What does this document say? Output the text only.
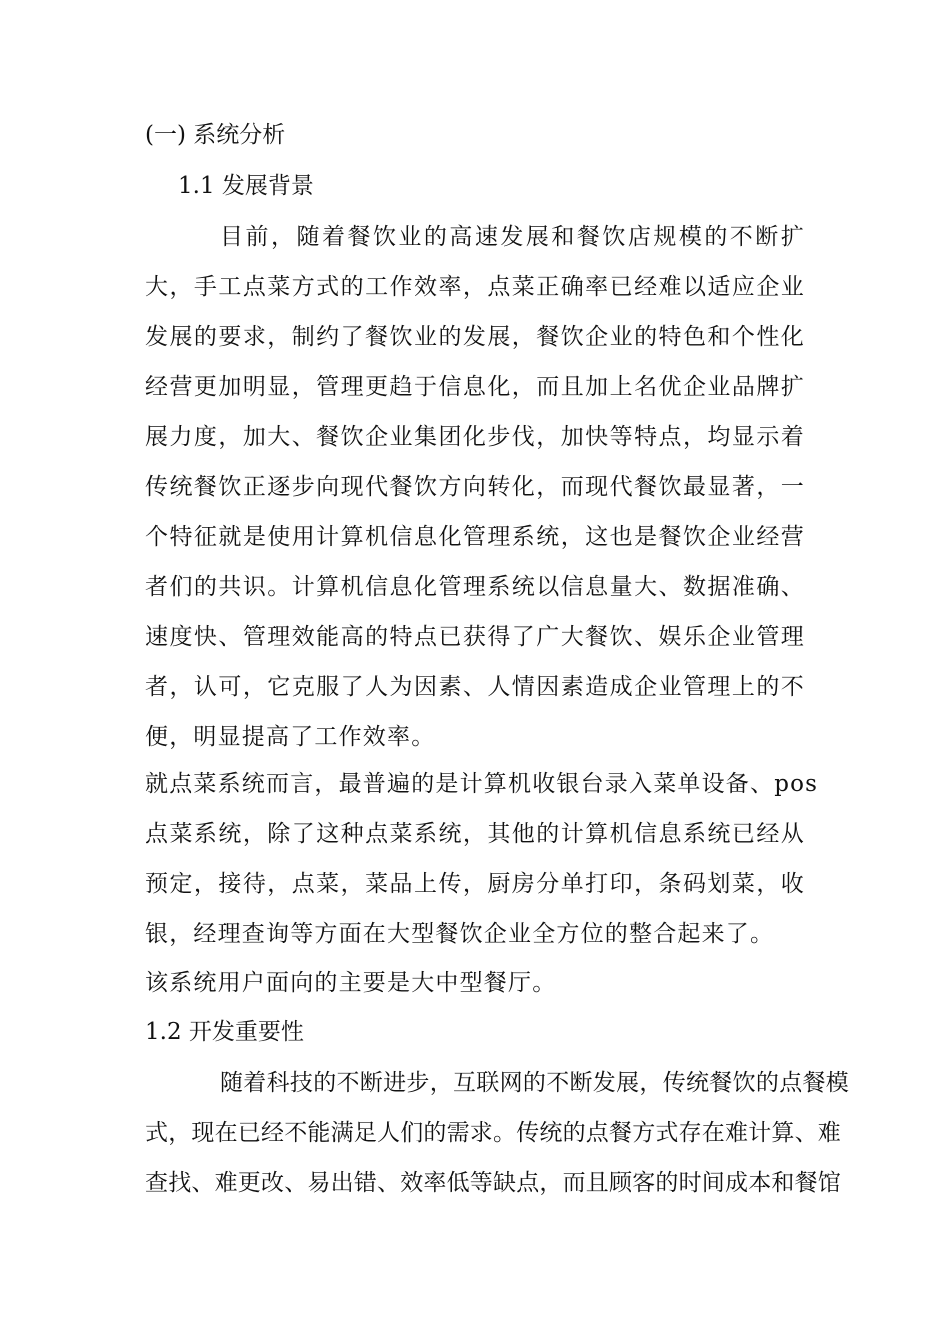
(一) 系统分析
1.1 发展背景
目前，随着餐饮业的高速发展和餐饮店规模的不断扩
大，手工点菜方式的工作效率，点菜正确率已经难以适应企业
发展的要求，制约了餐饮业的发展，餐饮企业的特色和个性化
经营更加明显，管理更趋于信息化，而且加上名优企业品牌扩
展力度，加大、餐饮企业集团化步伐，加快等特点，均显示着
传统餐饮正逐步向现代餐饮方向转化，而现代餐饮最显著，一
个特征就是使用计算机信息化管理系统，这也是餐饮企业经营
者们的共识。计算机信息化管理系统以信息量大、数据准确、
速度快、管理效能高的特点已获得了广大餐饮、娱乐企业管理
者，认可，它克服了人为因素、人情因素造成企业管理上的不
便，明显提高了工作效率。
就点菜系统而言，最普遍的是计算机收银台录入菜单设备、pos
点菜系统，除了这种点菜系统，其他的计算机信息系统已经从
预定，接待，点菜，菜品上传，厨房分单打印，条码划菜，收
银，经理查询等方面在大型餐饮企业全方位的整合起来了。
该系统用户面向的主要是大中型餐厅。
1.2 开发重要性
随着科技的不断进步，互联网的不断发展，传统餐饮的点餐模
式，现在已经不能满足人们的需求。传统的点餐方式存在难计算、难
查找、难更改、易出错、效率低等缺点，而且顾客的时间成本和餐馆
